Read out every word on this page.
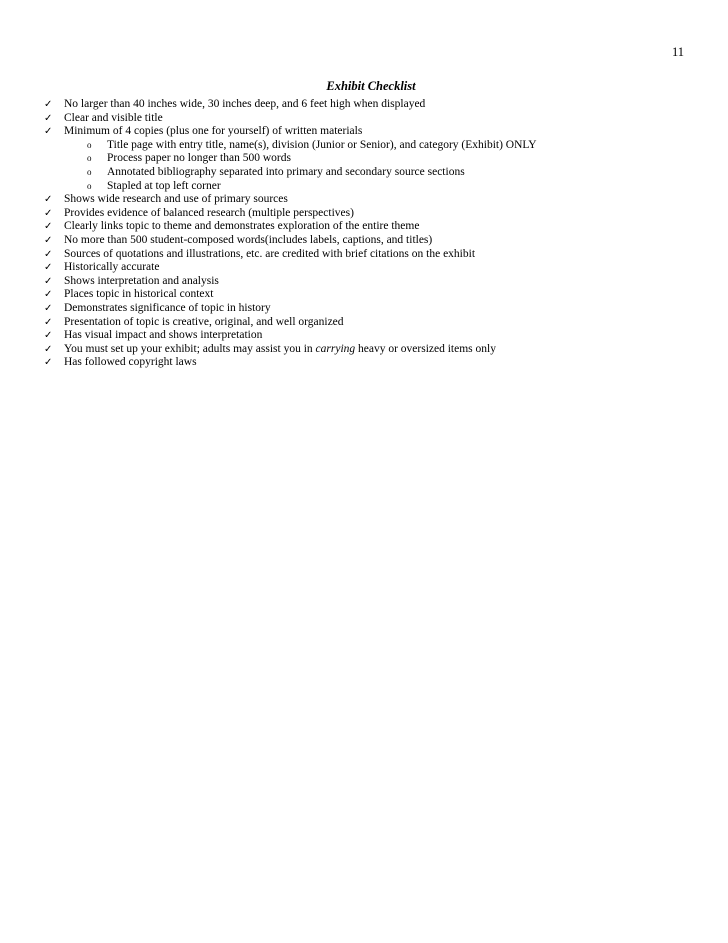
11
Exhibit Checklist
✓	No larger than 40 inches wide, 30 inches deep, and 6 feet high when displayed
✓	Clear and visible title
✓	Minimum of 4 copies (plus one for yourself) of written materials
o Title page with entry title, name(s), division (Junior or Senior), and category (Exhibit) ONLY
o Process paper no longer than 500 words
o Annotated bibliography separated into primary and secondary source sections
o Stapled at top left corner
✓	Shows wide research and use of primary sources
✓	Provides evidence of balanced research (multiple perspectives)
✓	Clearly links topic to theme and demonstrates exploration of the entire theme
✓	No more than 500 student-composed words(includes labels, captions, and titles)
✓	Sources of quotations and illustrations, etc. are credited with brief citations on the exhibit
✓	Historically accurate
✓	Shows interpretation and analysis
✓	Places topic in historical context
✓	Demonstrates significance of topic in history
✓	Presentation of topic is creative, original, and well organized
✓	Has visual impact and shows interpretation
✓	You must set up your exhibit; adults may assist you in carrying heavy or oversized items only
✓	Has followed copyright laws
